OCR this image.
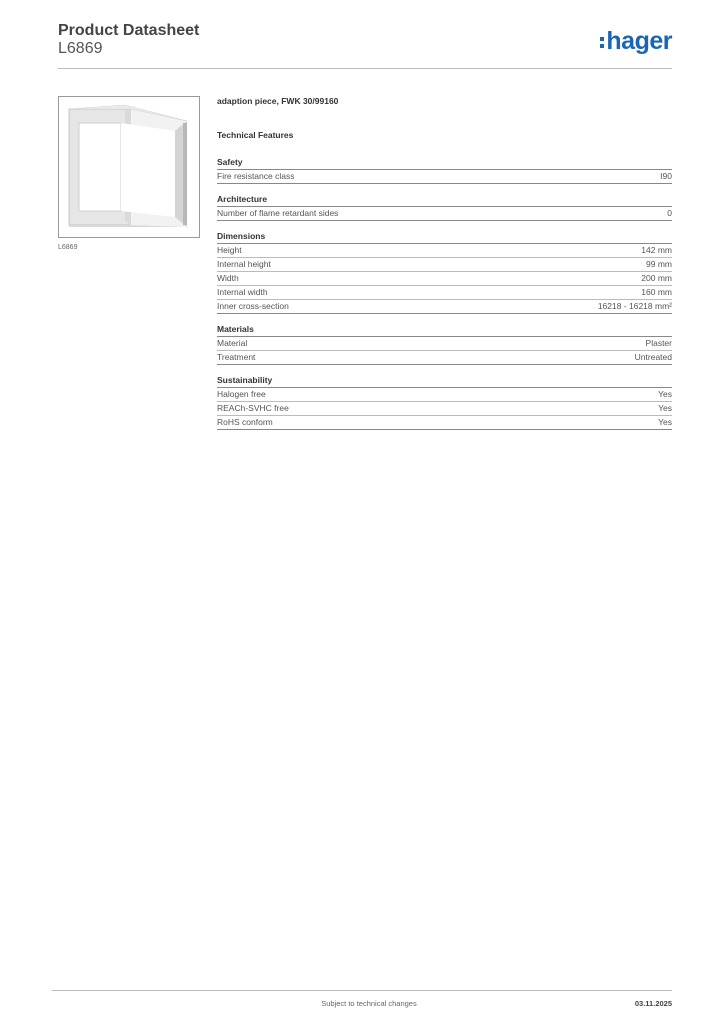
Product Datasheet
L6869	hager
L6869
adaption piece, FWK 30/99160
Technical Features
Safety
Fire resistance class	I90
Architecture
Number of flame retardant sides	0
Dimensions
Height	142 mm
Internal height	99 mm
Width	200 mm
Internal width	160 mm
Inner cross-section	16218 - 16218 mm²
Materials
Material	Plaster
Treatment	Untreated
Sustainability
Halogen free	Yes
REACh-SVHC free	Yes
RoHS conform	Yes
Subject to technical changes	03.11.2025
